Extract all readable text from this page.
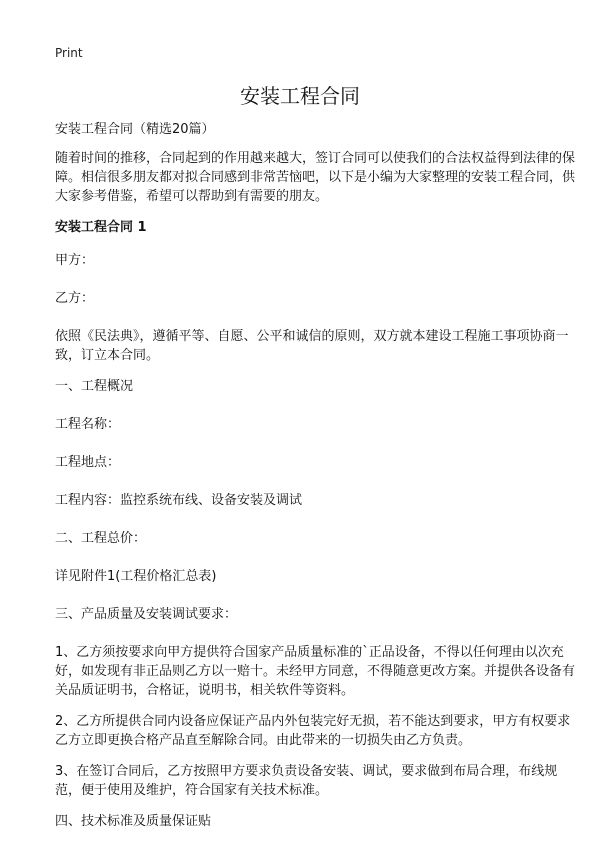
Print
安装工程合同

安装工程合同（精选20篇）

随着时间的推移，合同起到的作用越来越大，签订合同可以使我们的合法权益得到法律的保障。相信很多朋友都对拟合同感到非常苦恼吧，以下是小编为大家整理的安装工程合同，供大家参考借鉴，希望可以帮助到有需要的朋友。

安装工程合同 1

甲方：

乙方：

依照《民法典》，遵循平等、自愿、公平和诚信的原则，双方就本建设工程施工事项协商一致，订立本合同。

一、工程概况

工程名称：

工程地点：

工程内容：监控系统布线、设备安装及调试

二、工程总价：

详见附件1(工程价格汇总表)

三、产品质量及安装调试要求：

1、乙方须按要求向甲方提供符合国家产品质量标准的`正品设备，不得以任何理由以次充好，如发现有非正品则乙方以一赔十。未经甲方同意，不得随意更改方案。并提供各设备有关品质证明书，合格证，说明书，相关软件等资料。

2、乙方所提供合同内设备应保证产品内外包装完好无损，若不能达到要求，甲方有权要求乙方立即更换合格产品直至解除合同。由此带来的一切损失由乙方负责。

3、在签订合同后，乙方按照甲方要求负责设备安装、调试，要求做到布局合理，布线规范，便于使用及维护，符合国家有关技术标准。

四、技术标准及质量保证贴
